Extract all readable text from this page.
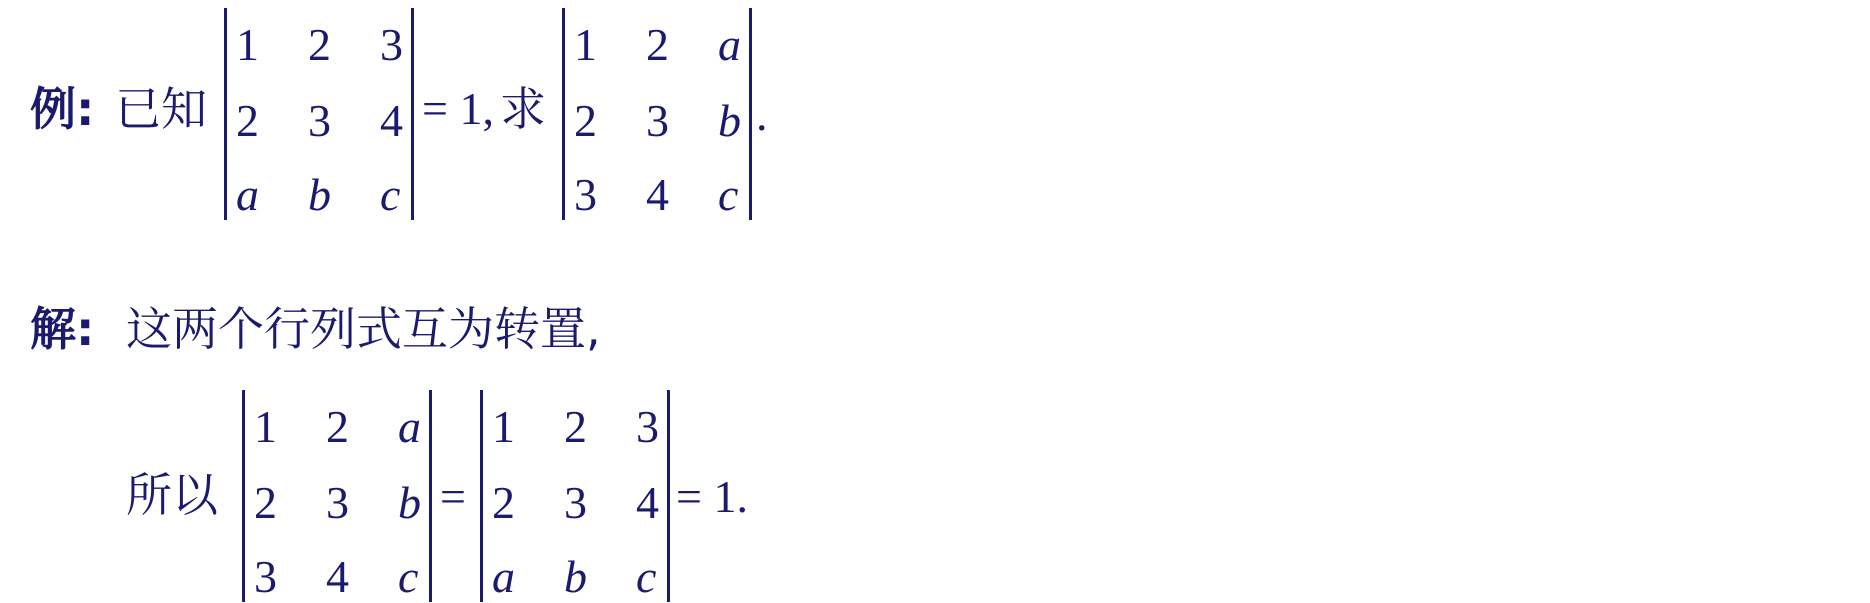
例: 已知
1 2 3
2 3 4
a b c
= 1, 求
1 2 a
2 3 b
3 4 c
.
解: 这两个行列式互为转置,
所以
1 2 a
2 3 b
3 4 c
=
1 2 3
2 3 4
a b c
= 1.
